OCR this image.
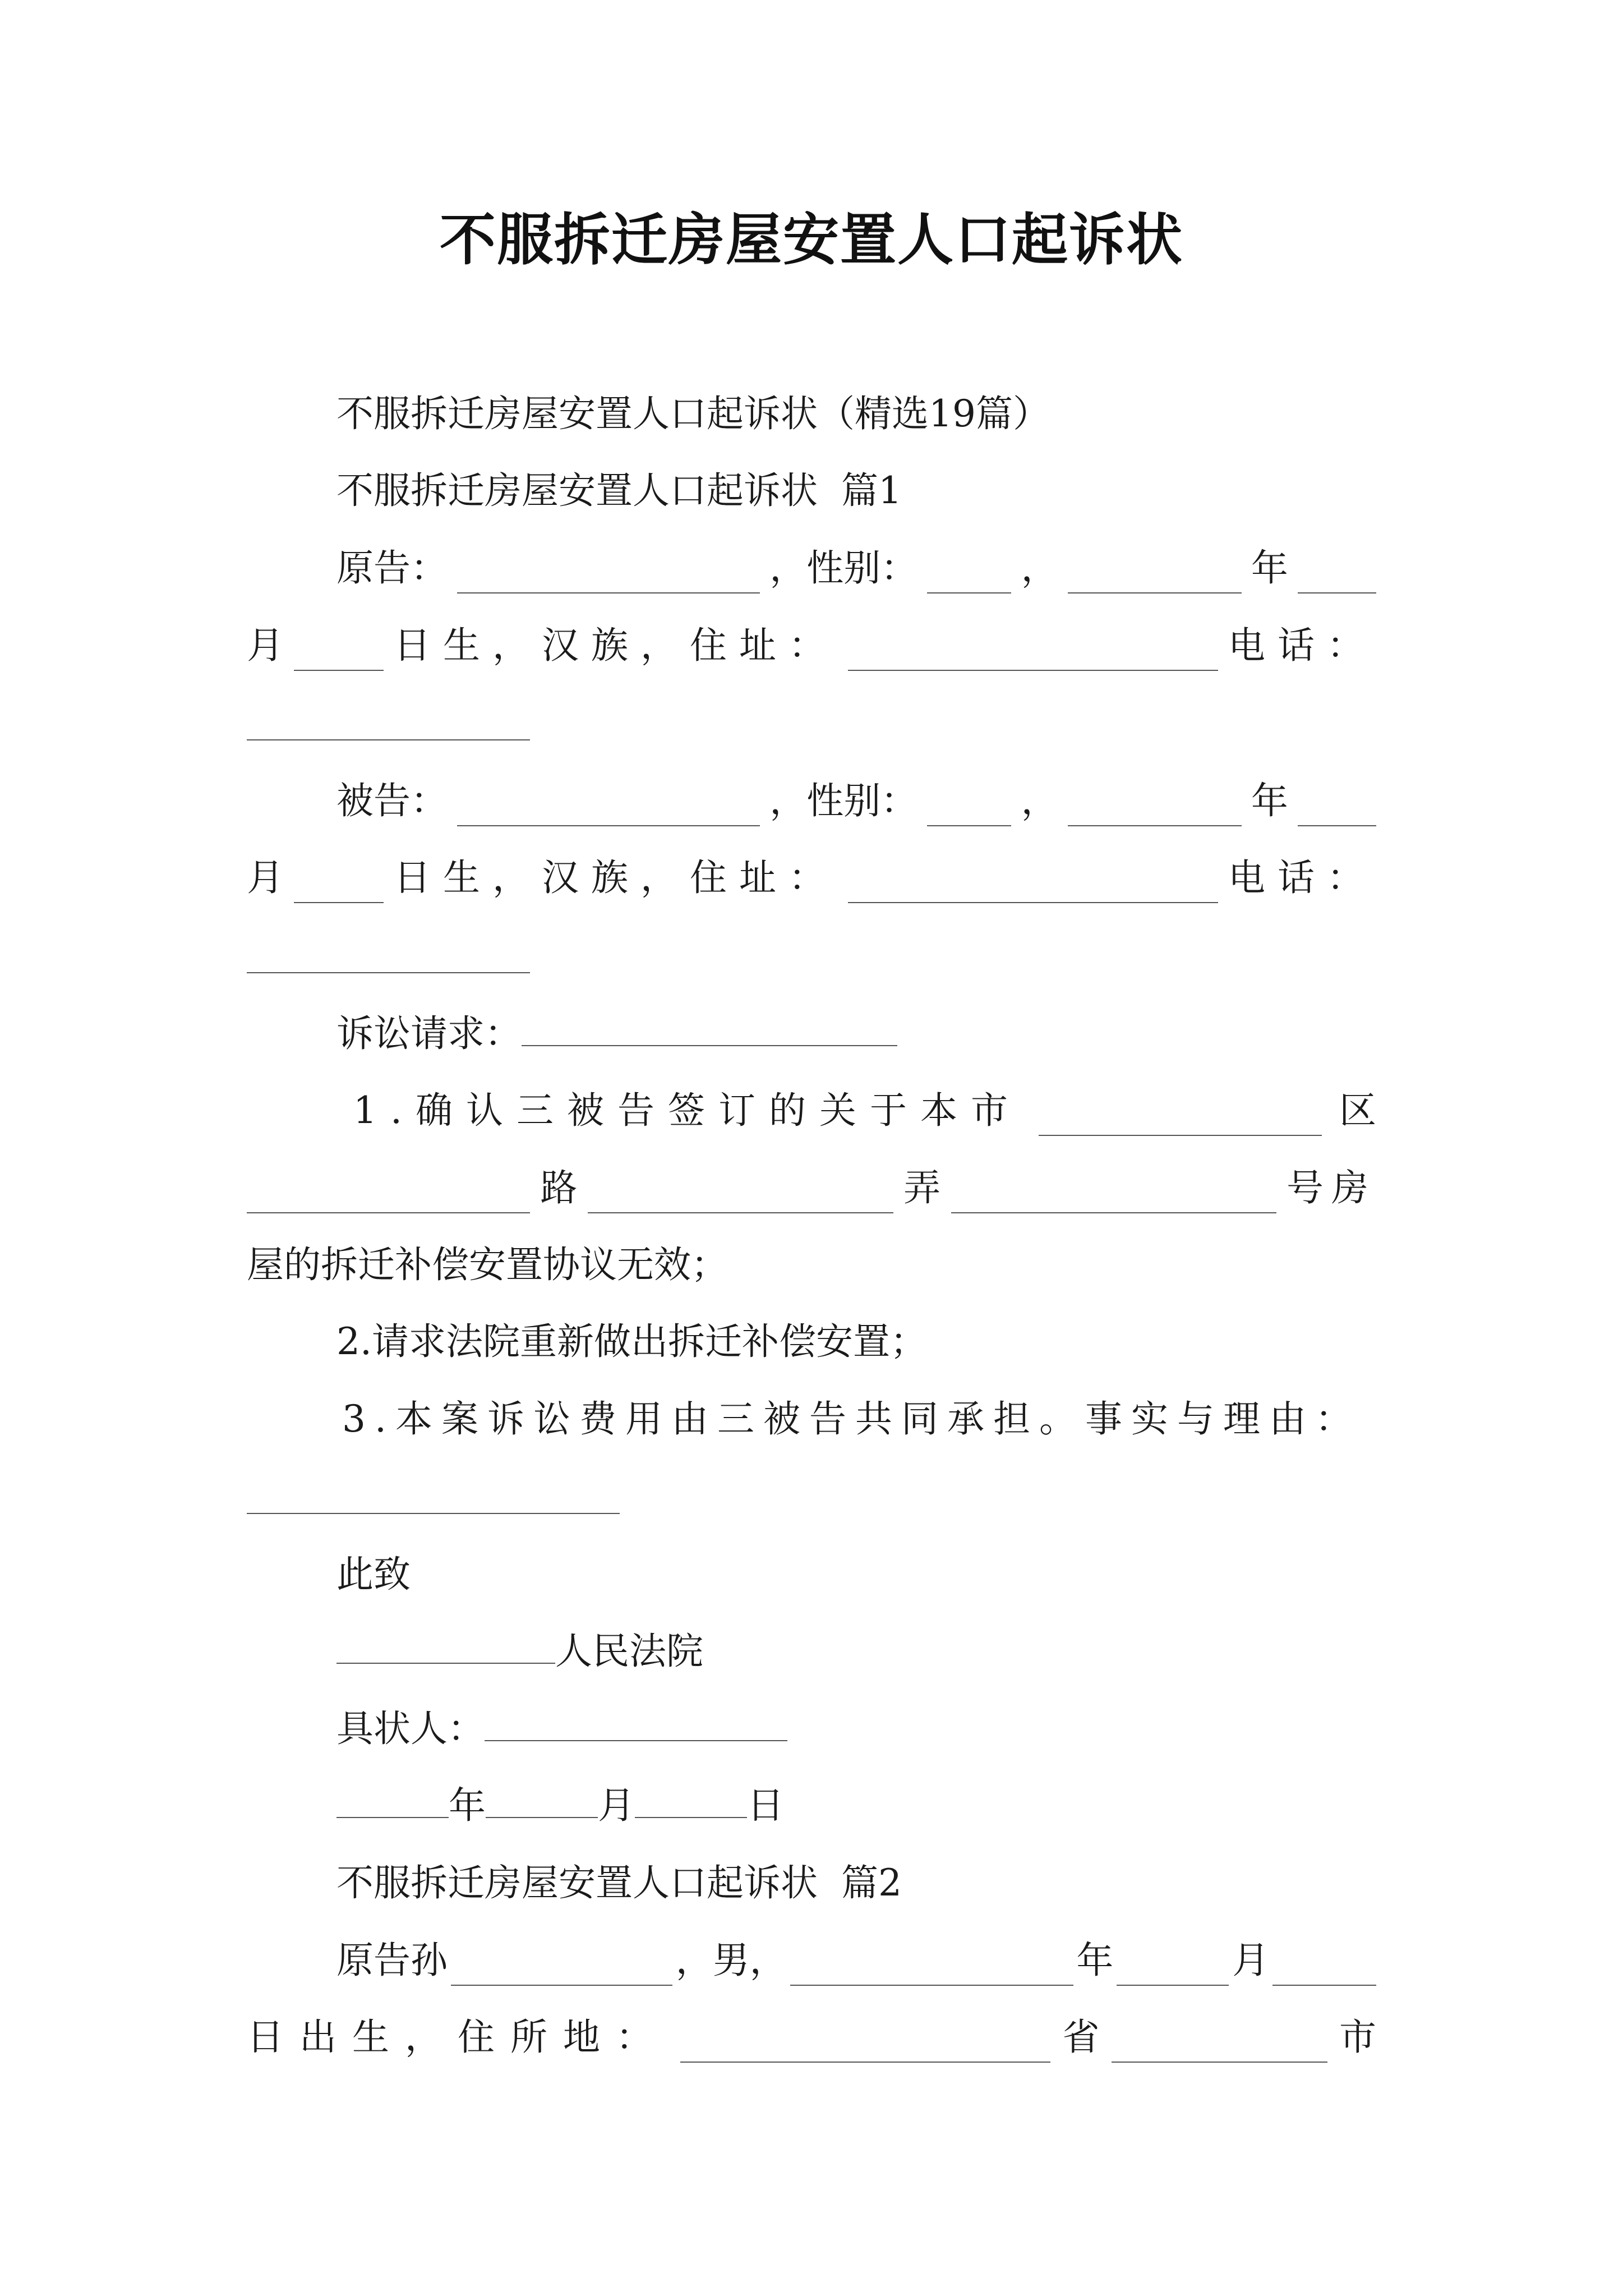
不服拆迁房屋安置人口起诉状
不服拆迁房屋安置人口起诉状（精选19篇）
不服拆迁房屋安置人口起诉状  篇1
原告：	，性别：	，	年
月	日生，汉族，住址：	电话：
被告：	，性别：	，	年
月	日生，汉族，住址：	电话：
诉讼请求：
1.确认三被告签订的关于本市	区
路	弄	号房
屋的拆迁补偿安置协议无效；
2.请求法院重新做出拆迁补偿安置；
3.本案诉讼费用由三被告共同承担。事实与理由：
此致
人民法院
具状人：
年	月	日
不服拆迁房屋安置人口起诉状  篇2
原告孙	，男，	年	月
日出生，住所地：	省	市
